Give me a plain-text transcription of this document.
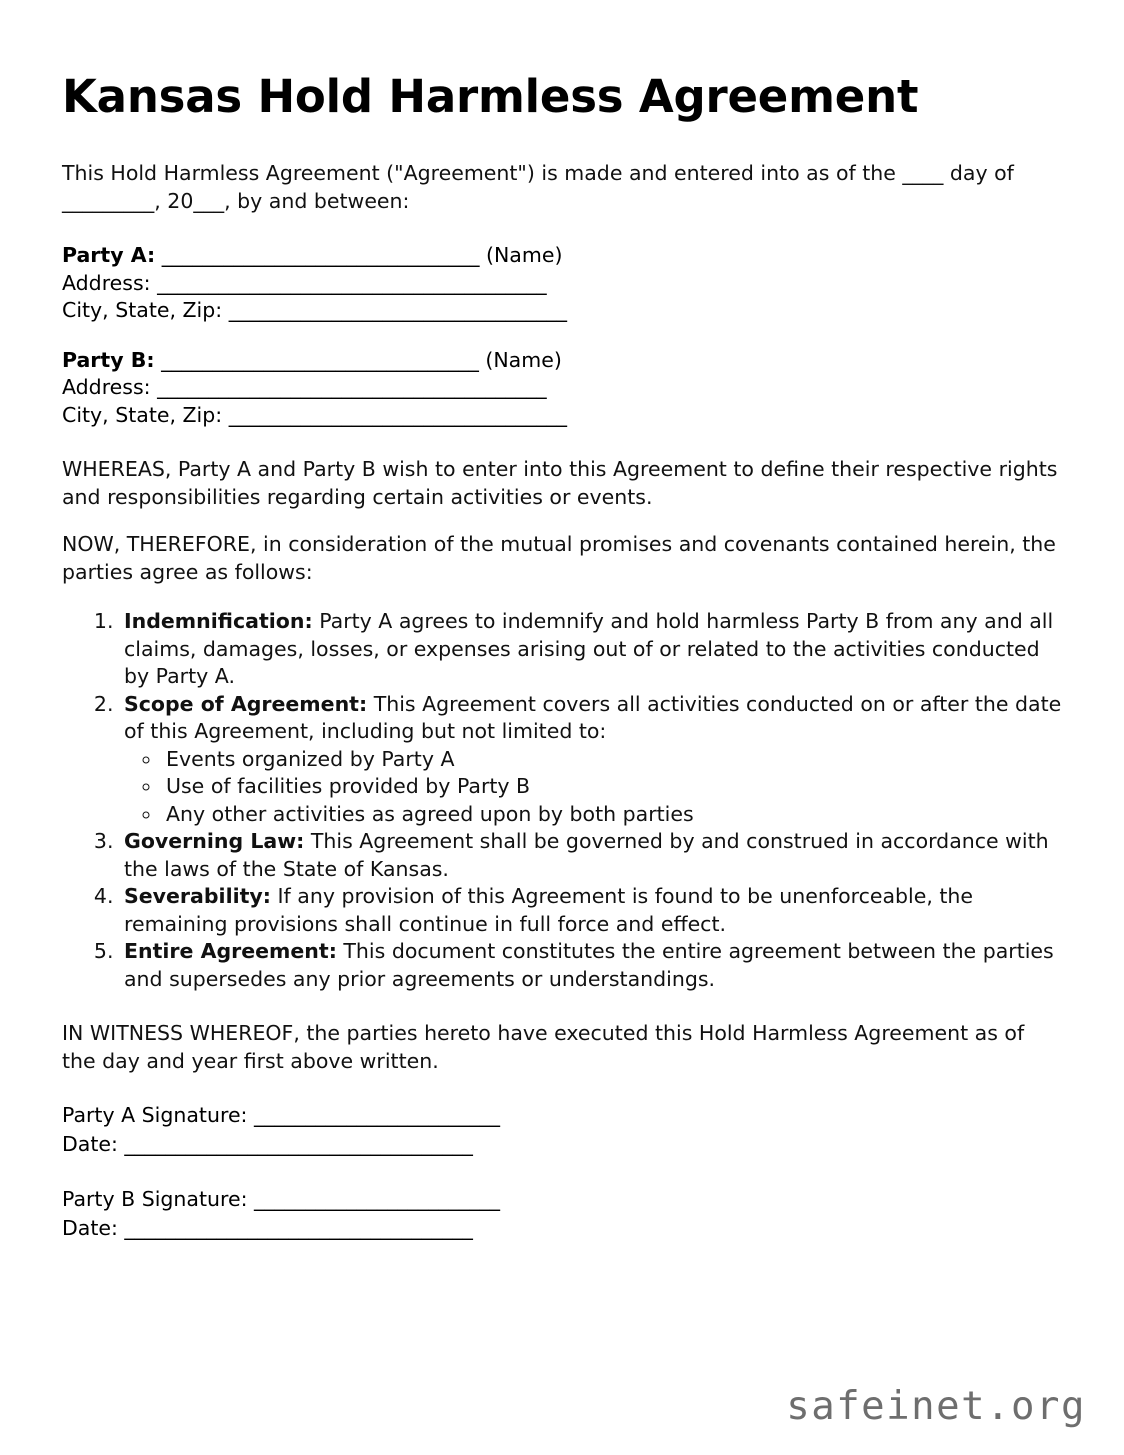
Kansas Hold Harmless Agreement

This Hold Harmless Agreement ("Agreement") is made and entered into as of the ____ day of _________, 20___, by and between:

Party A: _______________________________ (Name)
Address: ______________________________________
City, State, Zip: _________________________________
Party B: _______________________________ (Name)
Address: ______________________________________
City, State, Zip: _________________________________

WHEREAS, Party A and Party B wish to enter into this Agreement to define their respective rights and responsibilities regarding certain activities or events.

NOW, THEREFORE, in consideration of the mutual promises and covenants contained herein, the parties agree as follows:

1. Indemnification: Party A agrees to indemnify and hold harmless Party B from any and all claims, damages, losses, or expenses arising out of or related to the activities conducted by Party A.
2. Scope of Agreement: This Agreement covers all activities conducted on or after the date of this Agreement, including but not limited to:
◦ Events organized by Party A
◦ Use of facilities provided by Party B
◦ Any other activities as agreed upon by both parties
3. Governing Law: This Agreement shall be governed by and construed in accordance with the laws of the State of Kansas.
4. Severability: If any provision of this Agreement is found to be unenforceable, the remaining provisions shall continue in full force and effect.
5. Entire Agreement: This document constitutes the entire agreement between the parties and supersedes any prior agreements or understandings.

IN WITNESS WHEREOF, the parties hereto have executed this Hold Harmless Agreement as of the day and year first above written.

Party A Signature: ________________________
Date: __________________________________
Party B Signature: ________________________
Date: __________________________________
safeinet.org
